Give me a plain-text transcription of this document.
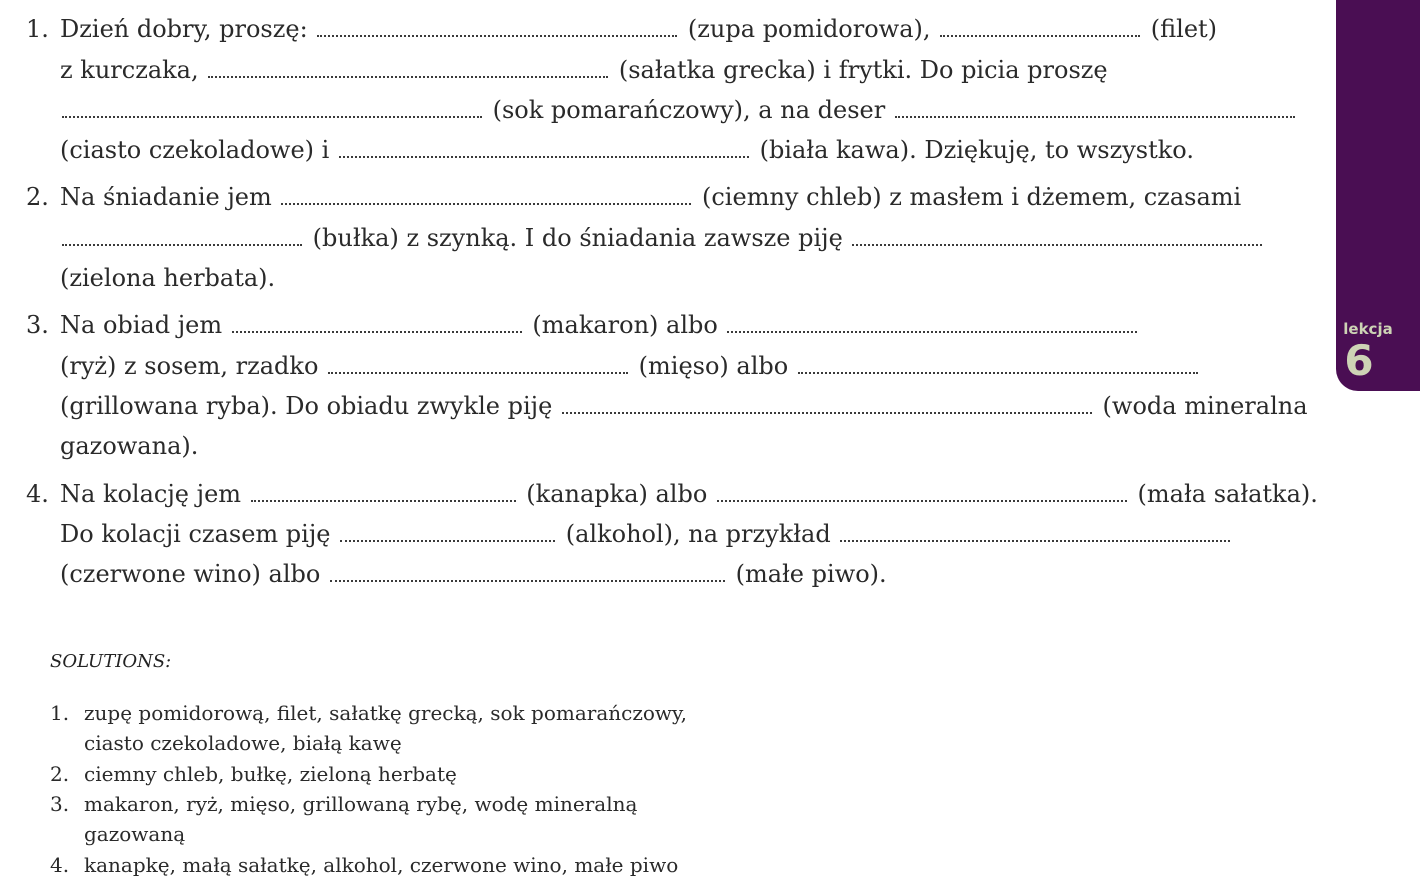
1. Dzień dobry, proszę:	(zupa pomidorowa),	(filet)
z kurczaka,	(sałatka grecka) i frytki. Do picia proszę
(sok pomarańczowy), a na deser
(ciasto czekoladowe) i	(biała kawa). Dziękuję, to wszystko.
2. Na śniadanie jem	(ciemny chleb) z masłem i dżemem, czasami
(bułka) z szynką. I do śniadania zawsze piję
(zielona herbata).
3. Na obiad jem	(makaron) albo
(ryż) z sosem, rzadko	(mięso) albo
(grillowana ryba). Do obiadu zwykle piję	(woda mineralna
gazowana).
4. Na kolację jem	(kanapka) albo	(mała sałatka).
Do kolacji czasem piję	(alkohol), na przykład
(czerwone wino) albo	(małe piwo).
lekcja
6
SOLUTIONS:
1. zupę pomidorową, filet, sałatkę grecką, sok pomarańczowy,
ciasto czekoladowe, białą kawę
2. ciemny chleb, bułkę, zieloną herbatę
3. makaron, ryż, mięso, grillowaną rybę, wodę mineralną
gazowaną
4. kanapkę, małą sałatkę, alkohol, czerwone wino, małe piwo
